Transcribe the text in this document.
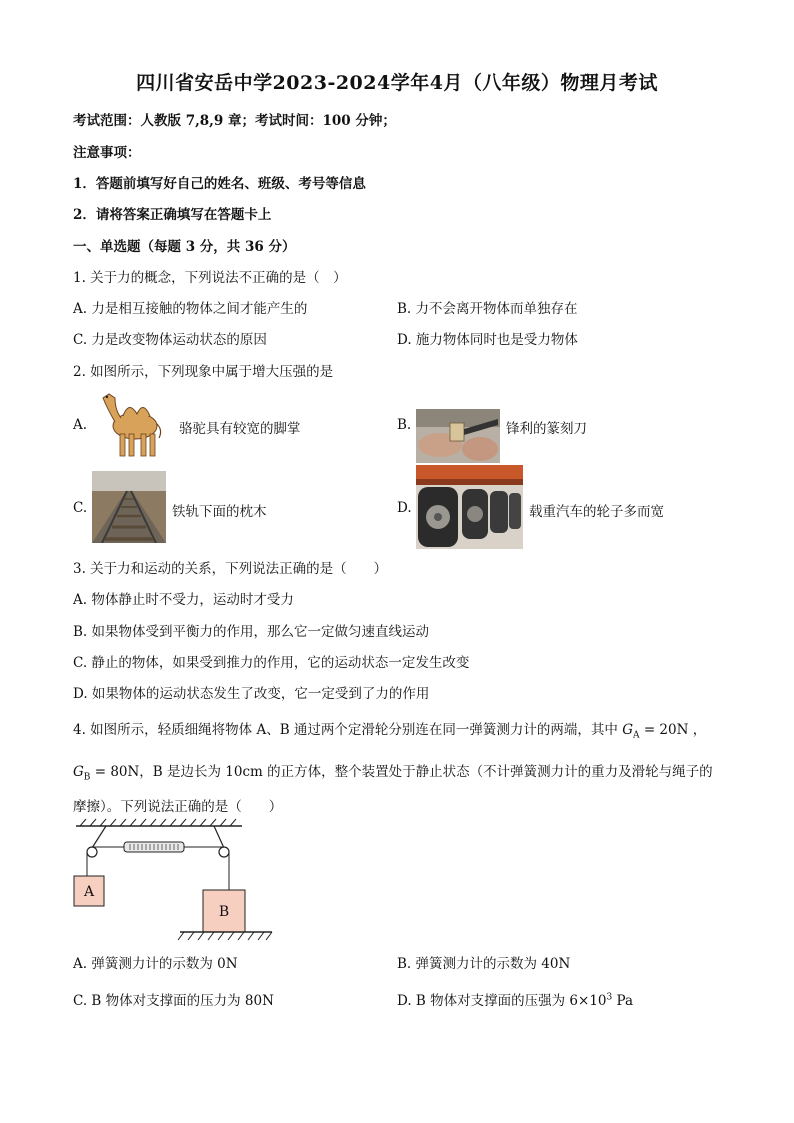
四川省安岳中学2023-2024学年4月（八年级）物理月考试
考试范围：人教版 7,8,9 章；考试时间：100 分钟；
注意事项：
1．答题前填写好自己的姓名、班级、考号等信息
2．请将答案正确填写在答题卡上
一、单选题（每题 3 分，共 36 分）
1. 关于力的概念，下列说法不正确的是（　）
A. 力是相互接触的物体之间才能产生的	B. 力不会离开物体而单独存在
C. 力是改变物体运动状态的原因	D. 施力物体同时也是受力物体
2. 如图所示，下列现象中属于增大压强的是
A.	骆驼具有较宽的脚掌	B.	锋利的篆刻刀
C.	铁轨下面的枕木	D.	载重汽车的轮子多而宽
3. 关于力和运动的关系，下列说法正确的是（　　）
A. 物体静止时不受力，运动时才受力
B. 如果物体受到平衡力的作用，那么它一定做匀速直线运动
C. 静止的物体，如果受到推力的作用，它的运动状态一定发生改变
D. 如果物体的运动状态发生了改变，它一定受到了力的作用
4. 如图所示，轻质细绳将物体 A、B 通过两个定滑轮分别连在同一弹簧测力计的两端，其中 $G_A = 20N$ ，
$G_B = 80N$，B 是边长为 10cm 的正方体，整个装置处于静止状态（不计弹簧测力计的重力及滑轮与绳子的
摩擦）。下列说法正确的是（　　）
A
B
A. 弹簧测力计的示数为 0N	B. 弹簧测力计的示数为 40N
C. B 物体对支撑面的压力为 80N	D. B 物体对支撑面的压强为 $6\times 10^3$ Pa
